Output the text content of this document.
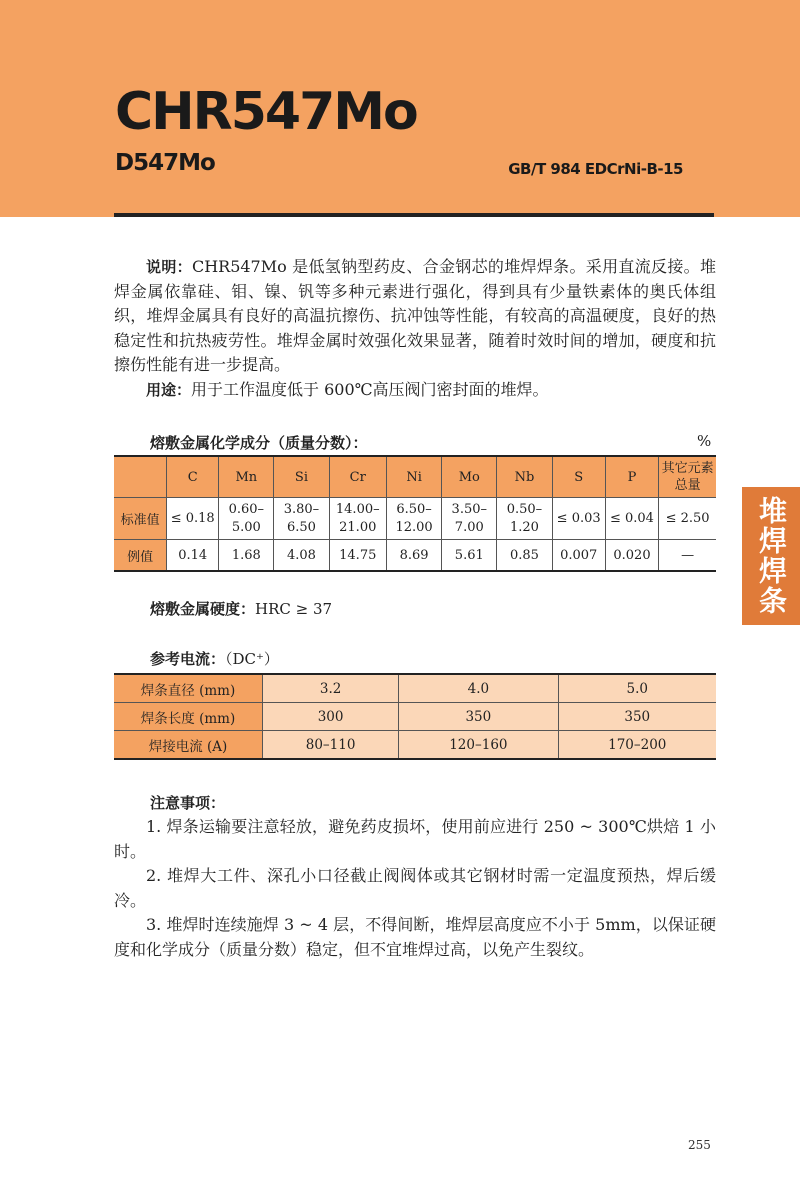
CHR547Mo
D547Mo	GB/T 984 EDCrNi-B-15
堆焊焊条
说明：CHR547Mo 是低氢钠型药皮、合金钢芯的堆焊焊条。采用直流反接。堆焊金属依靠硅、钼、镍、钒等多种元素进行强化，得到具有少量铁素体的奥氏体组织，堆焊金属具有良好的高温抗擦伤、抗冲蚀等性能，有较高的高温硬度，良好的热稳定性和抗热疲劳性。堆焊金属时效强化效果显著，随着时效时间的增加，硬度和抗擦伤性能有进一步提高。
用途：用于工作温度低于 600℃高压阀门密封面的堆焊。
熔敷金属化学成分（质量分数）：	%
	C	Mn	Si	Cr	Ni	Mo	Nb	S	P	其它元素总量
标准值	≤ 0.18	0.60–5.00	3.80–6.50	14.00–21.00	6.50–12.00	3.50–7.00	0.50–1.20	≤ 0.03	≤ 0.04	≤ 2.50
例值	0.14	1.68	4.08	14.75	8.69	5.61	0.85	0.007	0.020	—
熔敷金属硬度：HRC ≥ 37
参考电流：（DC⁺）
焊条直径 (mm)	3.2	4.0	5.0
焊条长度 (mm)	300	350	350
焊接电流 (A)	80–110	120–160	170–200
注意事项：
1. 焊条运输要注意轻放，避免药皮损坏，使用前应进行 250 ~ 300℃烘焙 1 小时。
2. 堆焊大工件、深孔小口径截止阀阀体或其它钢材时需一定温度预热，焊后缓冷。
3. 堆焊时连续施焊 3 ~ 4 层，不得间断，堆焊层高度应不小于 5mm，以保证硬度和化学成分（质量分数）稳定，但不宜堆焊过高，以免产生裂纹。
255
